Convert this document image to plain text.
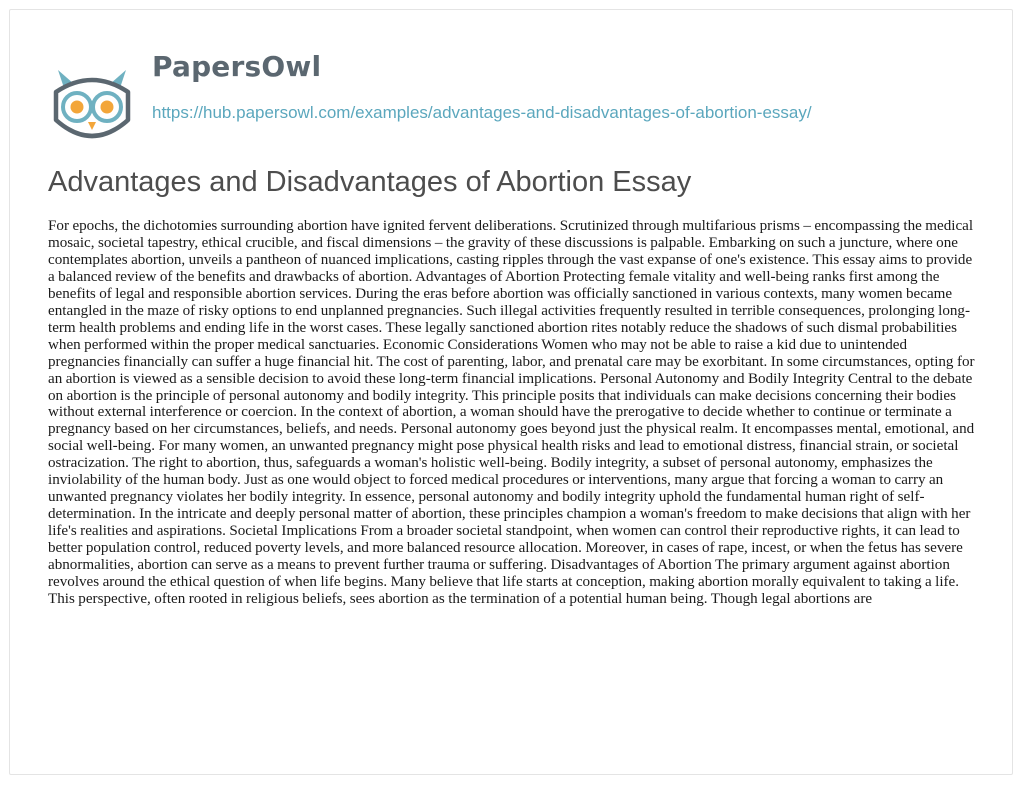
PapersOwl
https://hub.papersowl.com/examples/advantages-and-disadvantages-of-abortion-essay/
Advantages and Disadvantages of Abortion Essay

For epochs, the dichotomies surrounding abortion have ignited fervent deliberations. Scrutinized through multifarious prisms – encompassing the medical mosaic, societal tapestry, ethical crucible, and fiscal dimensions – the gravity of these discussions is palpable. Embarking on such a juncture, where one contemplates abortion, unveils a pantheon of nuanced implications, casting ripples through the vast expanse of one's existence. This essay aims to provide a balanced review of the benefits and drawbacks of abortion. Advantages of Abortion Protecting female vitality and well-being ranks first among the benefits of legal and responsible abortion services. During the eras before abortion was officially sanctioned in various contexts, many women became entangled in the maze of risky options to end unplanned pregnancies. Such illegal activities frequently resulted in terrible consequences, prolonging long-term health problems and ending life in the worst cases. These legally sanctioned abortion rites notably reduce the shadows of such dismal probabilities when performed within the proper medical sanctuaries. Economic Considerations Women who may not be able to raise a kid due to unintended pregnancies financially can suffer a huge financial hit. The cost of parenting, labor, and prenatal care may be exorbitant. In some circumstances, opting for an abortion is viewed as a sensible decision to avoid these long-term financial implications. Personal Autonomy and Bodily Integrity Central to the debate on abortion is the principle of personal autonomy and bodily integrity. This principle posits that individuals can make decisions concerning their bodies without external interference or coercion. In the context of abortion, a woman should have the prerogative to decide whether to continue or terminate a pregnancy based on her circumstances, beliefs, and needs. Personal autonomy goes beyond just the physical realm. It encompasses mental, emotional, and social well-being. For many women, an unwanted pregnancy might pose physical health risks and lead to emotional distress, financial strain, or societal ostracization. The right to abortion, thus, safeguards a woman's holistic well-being. Bodily integrity, a subset of personal autonomy, emphasizes the inviolability of the human body. Just as one would object to forced medical procedures or interventions, many argue that forcing a woman to carry an unwanted pregnancy violates her bodily integrity. In essence, personal autonomy and bodily integrity uphold the fundamental human right of self-determination. In the intricate and deeply personal matter of abortion, these principles champion a woman's freedom to make decisions that align with her life's realities and aspirations. Societal Implications From a broader societal standpoint, when women can control their reproductive rights, it can lead to better population control, reduced poverty levels, and more balanced resource allocation. Moreover, in cases of rape, incest, or when the fetus has severe abnormalities, abortion can serve as a means to prevent further trauma or suffering. Disadvantages of Abortion The primary argument against abortion revolves around the ethical question of when life begins. Many believe that life starts at conception, making abortion morally equivalent to taking a life. This perspective, often rooted in religious beliefs, sees abortion as the termination of a potential human being. Though legal abortions are
